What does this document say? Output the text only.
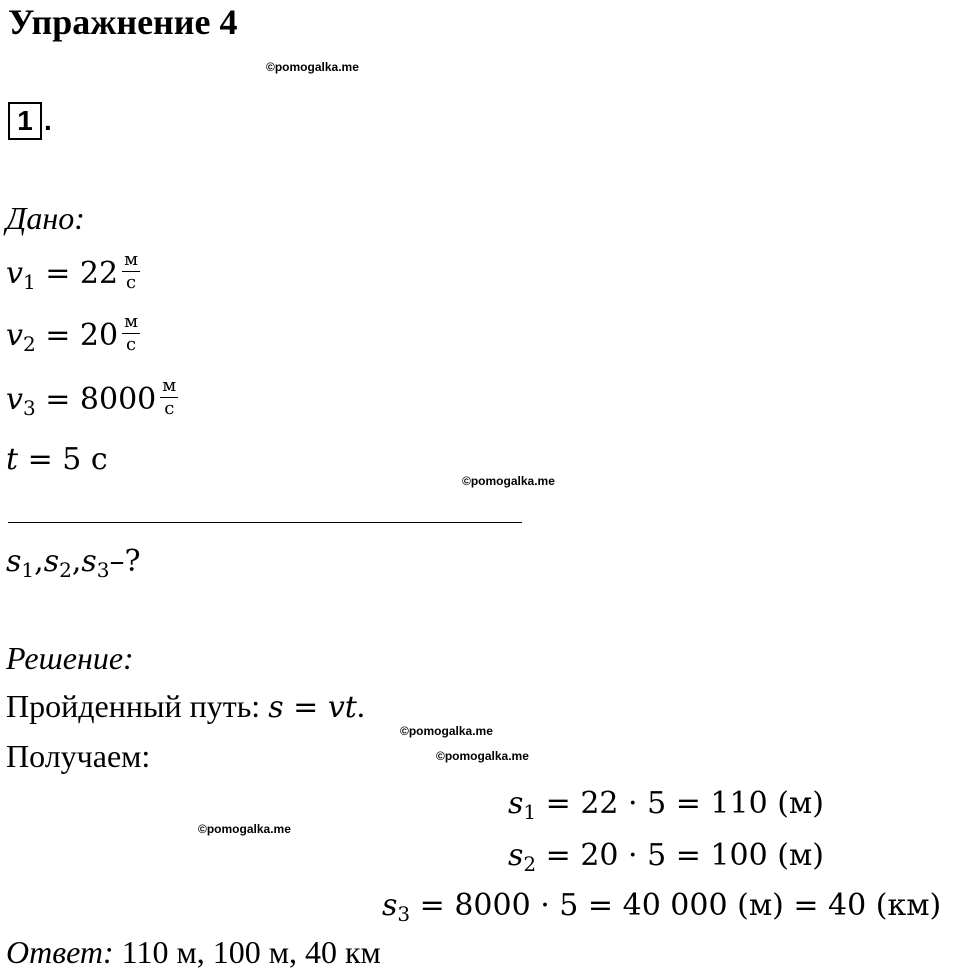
Упражнение 4
©pomogalka.me
1 .
Дано:
$v_1 = 22 \frac{м}{с}$
$v_2 = 20 \frac{м}{с}$
$v_3 = 8000 \frac{м}{с}$
t = 5 с
©pomogalka.me
$s_1,s_2,s_3-$?
Решение:
Пройденный путь: s = vt.
©pomogalka.me
Получаем:	©pomogalka.me
$s_1 = 22 \cdot 5 = 110$ (м)
©pomogalka.me
$s_2 = 20 \cdot 5 = 100$ (м)
$s_3 = 8000 \cdot 5 = 40$ 000 (м) = 40 (км)
Ответ: 110 м, 100 м, 40 км
